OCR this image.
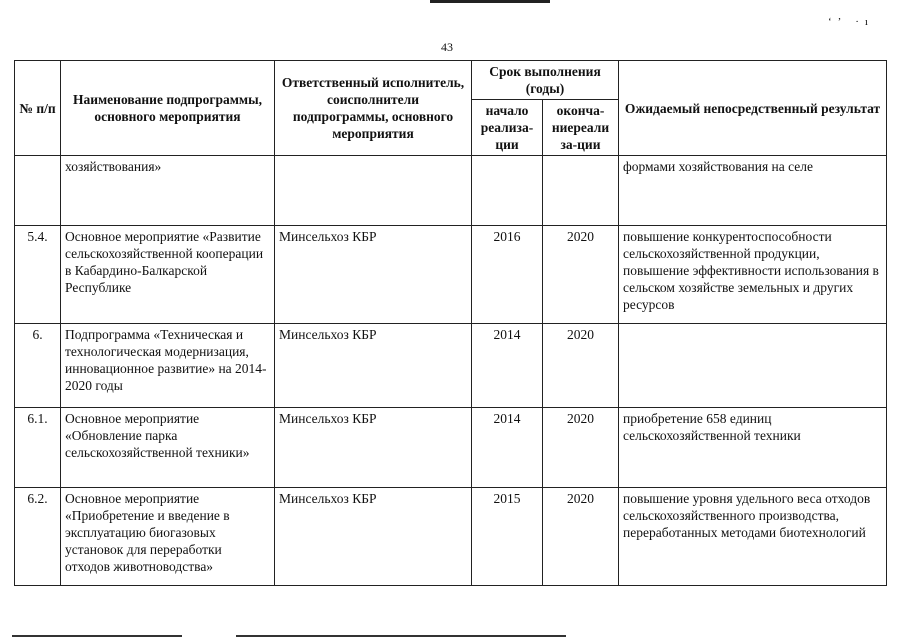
‘’ ·ı
43
№ п/п	Наименование подпрограммы, основного мероприятия	Ответственный исполнитель, соисполнители подпрограммы, основного мероприятия	Срок выполнения (годы)		Ожидаемый непосредственный результат
			начало реализа-ции	оконча-ниереали за-ции	
	хозяйствования»				формами хозяйствования на селе
5.4.	Основное мероприятие «Развитие сельскохозяйственной кооперации в Кабардино-Балкарской Республике	Минсельхоз КБР	2016	2020	повышение конкурентоспособности сельскохозяйственной продукции, повышение эффективности использования в сельском хозяйстве земельных и других ресурсов
6.	Подпрограмма «Техническая и технологическая модернизация, инновационное развитие» на 2014-2020 годы	Минсельхоз КБР	2014	2020	
6.1.	Основное мероприятие «Обновление парка сельскохозяйственной техники»	Минсельхоз КБР	2014	2020	приобретение 658 единиц сельскохозяйственной техники
6.2.	Основное мероприятие «Приобретение и введение в эксплуатацию биогазовых установок для переработки отходов животноводства»	Минсельхоз КБР	2015	2020	повышение уровня удельного веса отходов сельскохозяйственного производства, переработанных методами биотехнологий
